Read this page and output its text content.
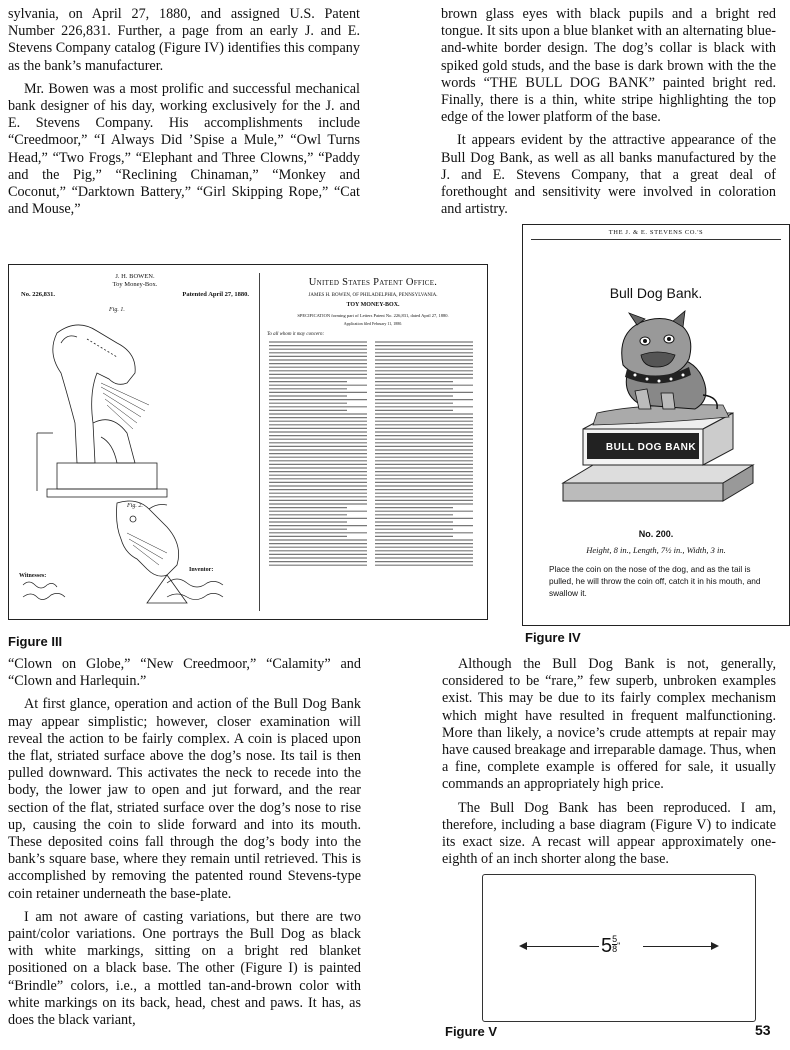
sylvania, on April 27, 1880, and assigned U.S. Patent Number 226,831. Further, a page from an early J. and E. Stevens Company catalog (Figure IV) identifies this company as the bank’s manufacturer.

Mr. Bowen was a most prolific and successful mechanical bank designer of his day, working exclusively for the J. and E. Stevens Company. His accomplishments include “Creedmoor,” “I Always Did ’Spise a Mule,” “Owl Turns Head,” “Two Frogs,” “Elephant and Three Clowns,” “Paddy and the Pig,” “Reclining Chinaman,” “Monkey and Coconut,” “Darktown Battery,” “Girl Skipping Rope,” “Cat and Mouse,”

brown glass eyes with black pupils and a bright red tongue. It sits upon a blue blanket with an alternating blue-and-white border design. The dog’s collar is black with spiked gold studs, and the base is dark brown with the the words “THE BULL DOG BANK” painted bright red. Finally, there is a thin, white stripe highlighting the top edge of the lower platform of the base.

It appears evident by the attractive appearance of the Bull Dog Bank, as well as all banks manufactured by the J. and E. Stevens Company, that a great deal of forethought and sensitivity were involved in coloration and artistry.

J. H. BOWEN.
Toy Money-Box.
No. 226,831.	Patented April 27, 1880.
Fig. 1.
Fig. 2.
Witnesses:
Inventor:
United States Patent Office.
JAMES H. BOWEN, OF PHILADELPHIA, PENNSYLVANIA.
TOY MONEY-BOX.
SPECIFICATION forming part of Letters Patent No. 226,831, dated April 27, 1880.
Application filed February 11, 1880.
To all whom it may concern:
Figure III
THE J. & E. STEVENS CO.'S
Bull Dog Bank.
BULL DOG BANK
No. 200.
Height, 8 in., Length, 7½ in., Width, 3 in.
Place the coin on the nose of the dog, and as the tail is pulled, he will throw the coin off, catch it in his mouth, and swallow it.
Figure IV

“Clown on Globe,” “New Creedmoor,” “Calamity” and “Clown and Harlequin.”

At first glance, operation and action of the Bull Dog Bank may appear simplistic; however, closer examination will reveal the action to be fairly complex. A coin is placed upon the flat, striated surface above the dog’s nose. Its tail is then pulled downward. This activates the neck to recede into the body, the lower jaw to open and jut forward, and the rear section of the flat, striated surface over the dog’s nose to rise up, causing the coin to slide forward and into its mouth. These deposited coins fall through the dog’s body into the bank’s square base, where they remain until retrieved. This is accomplished by removing the patented round Stevens-type coin retainer underneath the base-plate.

I am not aware of casting variations, but there are two paint/color variations. One portrays the Bull Dog as black with white markings, sitting on a bright red blanket positioned on a black base. The other (Figure I) is painted “Brindle” colors, i.e., a mottled tan-and-brown color with white markings on its back, head, chest and paws. It has, as does the black variant,

Although the Bull Dog Bank is not, generally, considered to be “rare,” few superb, unbroken examples exist. This may be due to its fairly complex mechanism which might have resulted in frequent malfunctioning. More than likely, a novice’s crude attempts at repair may have caused breakage and irreparable damage. Thus, when a fine, complete example is offered for sale, it usually commands an appropriately high price.

The Bull Dog Bank has been reproduced. I am, therefore, including a base diagram (Figure V) to indicate its exact size. A recast will appear approximately one-eighth of an inch shorter along the base.

$5 \frac{5}{8} ^"$
Figure V	53
